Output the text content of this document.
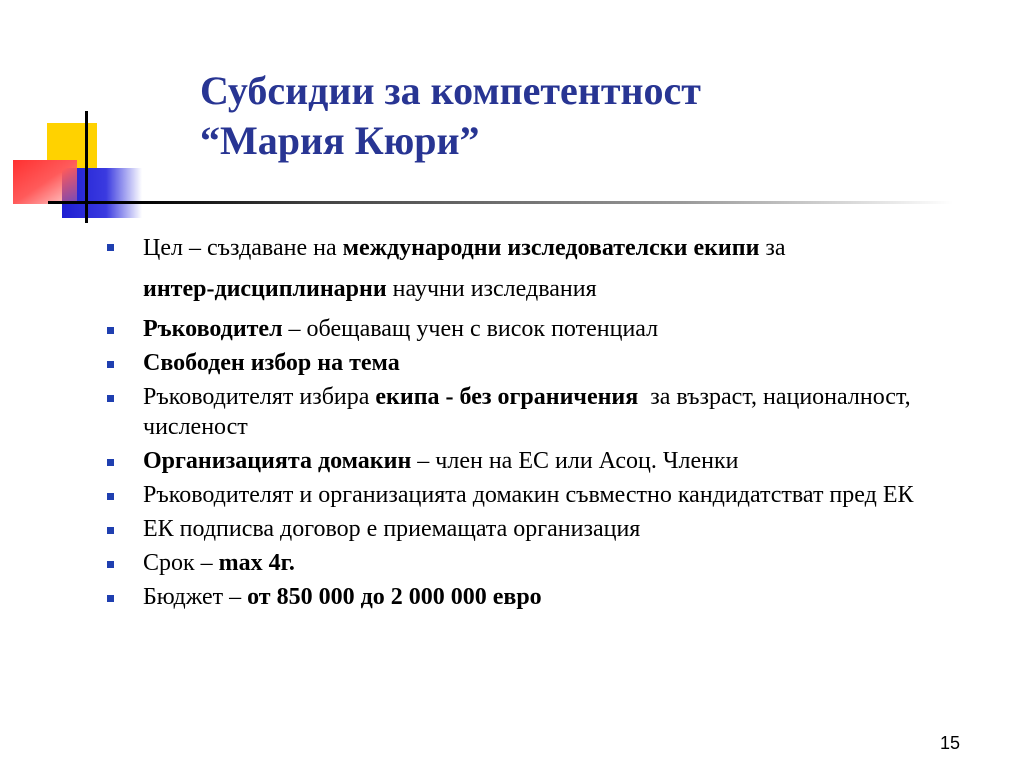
Субсидии за компетентност
“Мария Кюри”
Цел – създаване на международни изследователски екипи за
интер-дисциплинарни научни изследвания
Ръководител – обещаващ учен с висок потенциал
Свободен избор на тема
Ръководителят избира екипа - без ограничения  за възраст, националност, численост
Организацията домакин – член на ЕС или Асоц. Членки
Ръководителят и организацията домакин съвместно кандидатстват пред ЕК
ЕК подписва договор е приемащата организация
Срок – max 4г.
Бюджет – от 850 000 до 2 000 000 евро
15
